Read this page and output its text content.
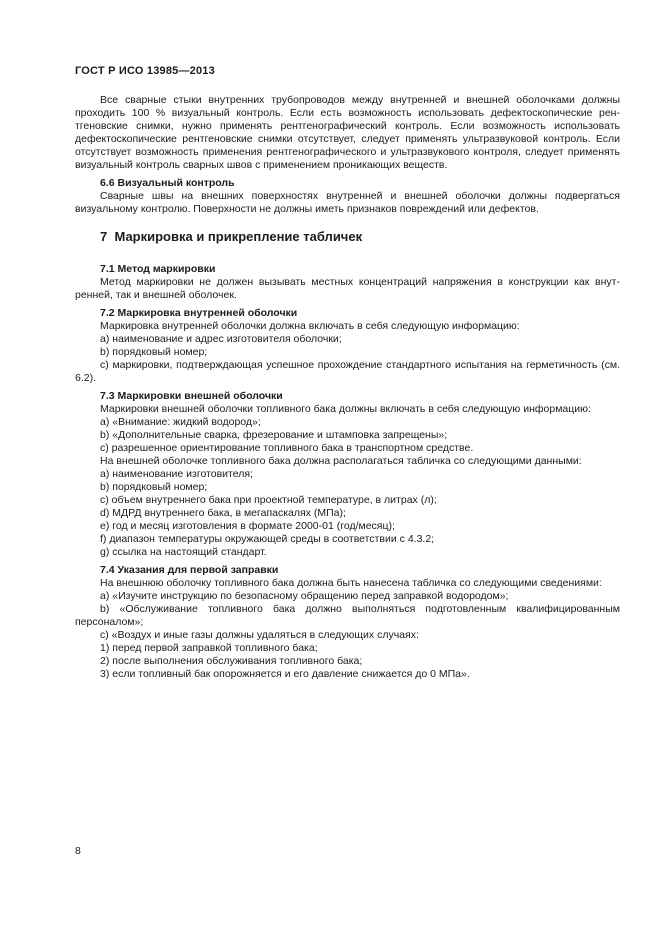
ГОСТ Р ИСО 13985—2013

Все сварные стыки внутренних трубопроводов между внутренней и внешней оболочками должны проходить 100 % визуальный контроль. Если есть возможность использовать дефектоскопические рентгеновские снимки, нужно применять рентгенографический контроль. Если возможность использовать дефектоскопические рентгеновские снимки отсутствует, следует применять ультразвуковой контроль. Если отсутствует возможность применения рентгенографического и ультразвукового контроля, следует применять визуальный контроль сварных швов с применением проникающих веществ.

6.6 Визуальный контроль

Сварные швы на внешних поверхностях внутренней и внешней оболочки должны подвергаться визуальному контролю. Поверхности не должны иметь признаков повреждений или дефектов.

7  Маркировка и прикрепление табличек

7.1 Метод маркировки

Метод маркировки не должен вызывать местных концентраций напряжения в конструкции как внутренней, так и внешней оболочек.

7.2 Маркировка внутренней оболочки

Маркировка внутренней оболочки должна включать в себя следующую информацию:

a) наименование и адрес изготовителя оболочки;

b) порядковый номер;

c) маркировки, подтверждающая успешное прохождение стандартного испытания на герметичность (см. 6.2).

7.3 Маркировки внешней оболочки

Маркировки внешней оболочки топливного бака должны включать в себя следующую информацию:

a) «Внимание: жидкий водород»;

b) «Дополнительные сварка, фрезерование и штамповка запрещены»;

c) разрешенное ориентирование топливного бака в транспортном средстве.

На внешней оболочке топливного бака должна располагаться табличка со следующими данными:

a) наименование изготовителя;

b) порядковый номер;

c) объем внутреннего бака при проектной температуре, в литрах (л);

d) МДРД внутреннего бака, в мегапаскалях (МПа);

e) год и месяц изготовления в формате 2000-01 (год/месяц);

f) диапазон температуры окружающей среды в соответствии с 4.3.2;

g) ссылка на настоящий стандарт.

7.4 Указания для первой заправки

На внешнюю оболочку топливного бака должна быть нанесена табличка со следующими сведениями:

a) «Изучите инструкцию по безопасному обращению перед заправкой водородом»;

b) «Обслуживание топливного бака должно выполняться подготовленным квалифицированным персоналом»;

c) «Воздух и иные газы должны удаляться в следующих случаях:

1) перед первой заправкой топливного бака;

2) после выполнения обслуживания топливного бака;

3) если топливный бак опорожняется и его давление снижается до 0 МПа».

8
